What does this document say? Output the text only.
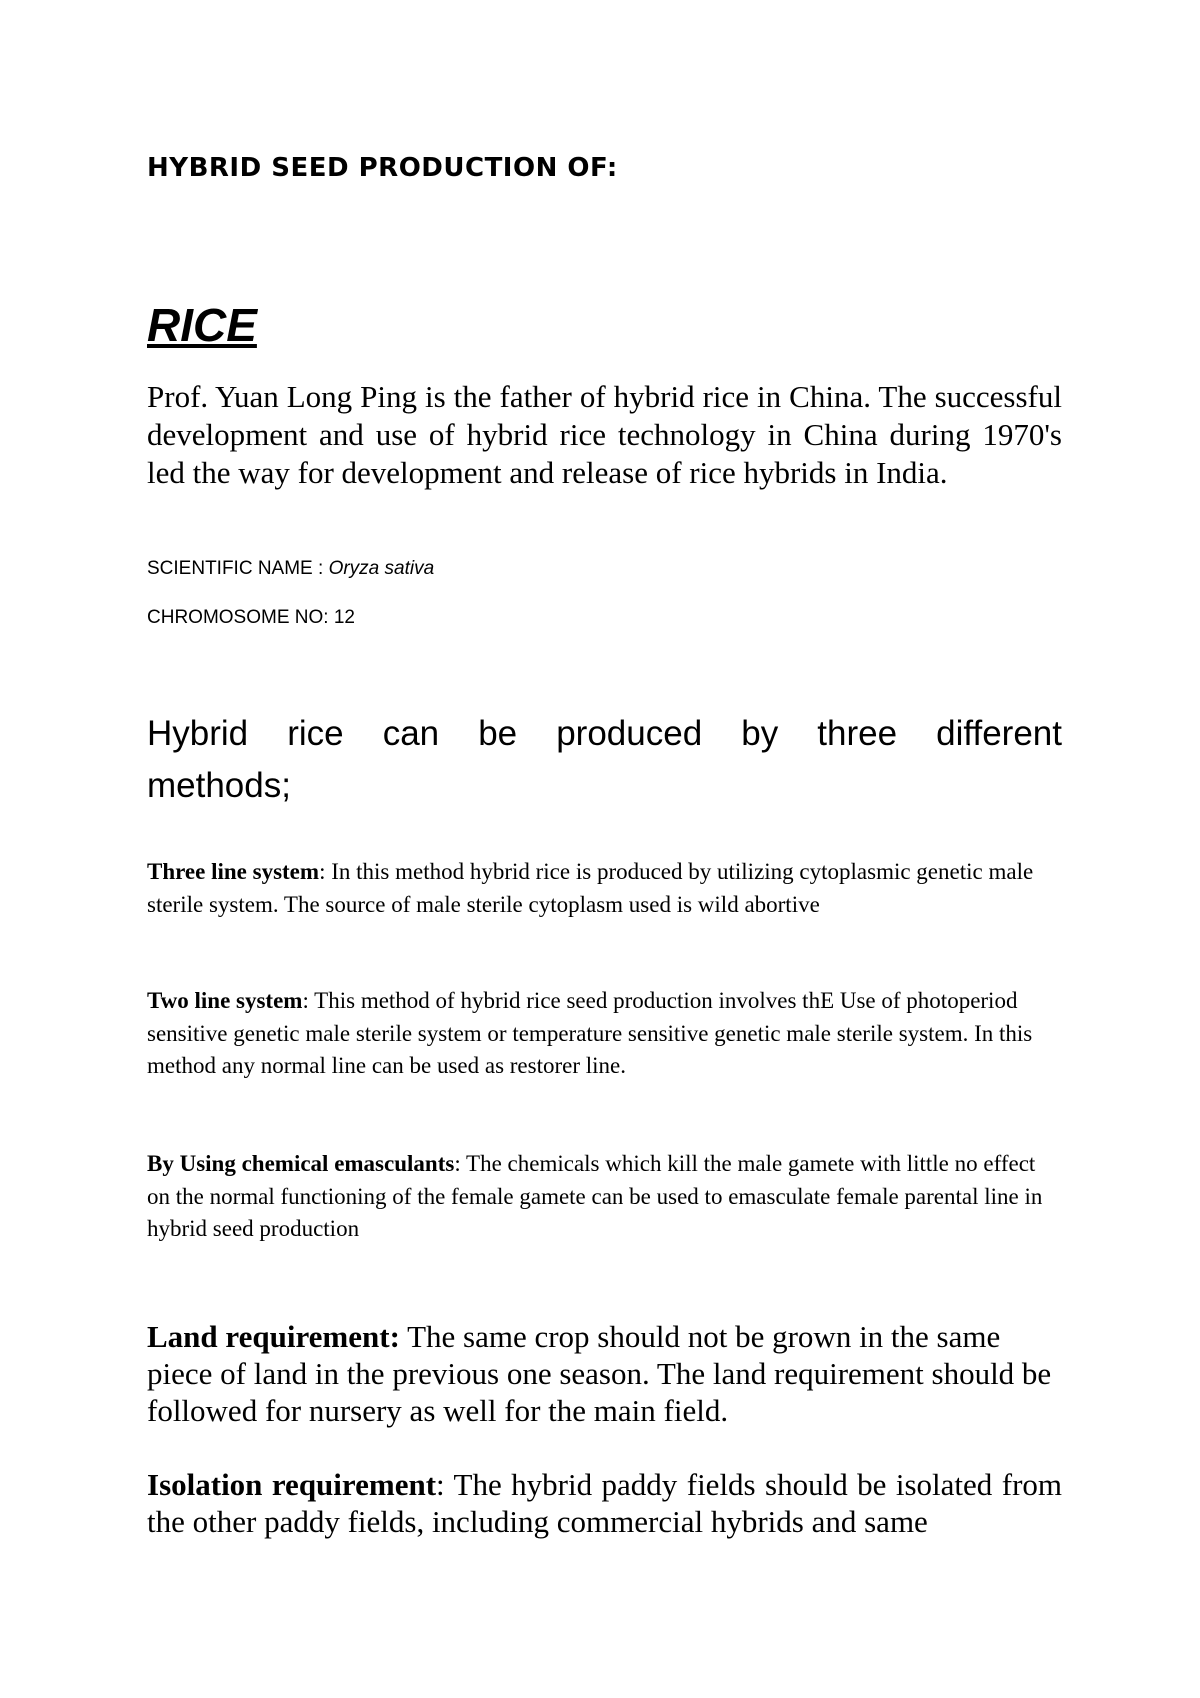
HYBRID SEED PRODUCTION OF:
RICE

Prof. Yuan Long Ping is the father of hybrid rice in China. The successful development and use of hybrid rice technology in China during 1970's led the way for development and release of rice hybrids in India.

SCIENTIFIC NAME : Oryza sativa

CHROMOSOME NO: 12

Hybrid rice can be produced by three different
methods;

Three line system: In this method hybrid rice is produced by utilizing cytoplasmic genetic male sterile system. The source of male sterile cytoplasm used is wild abortive

Two line system: This method of hybrid rice seed production involves thE Use of photoperiod sensitive genetic male sterile system or temperature sensitive genetic male sterile system. In this method any normal line can be used as restorer line.

By Using chemical emasculants: The chemicals which kill the male gamete with little no effect on the normal functioning of the female gamete can be used to emasculate female parental line in hybrid seed production

Land requirement: The same crop should not be grown in the same piece of land in the previous one season. The land requirement should be followed for nursery as well for the main field.

Isolation requirement: The hybrid paddy fields should be isolated from the other paddy fields, including commercial hybrids and same
